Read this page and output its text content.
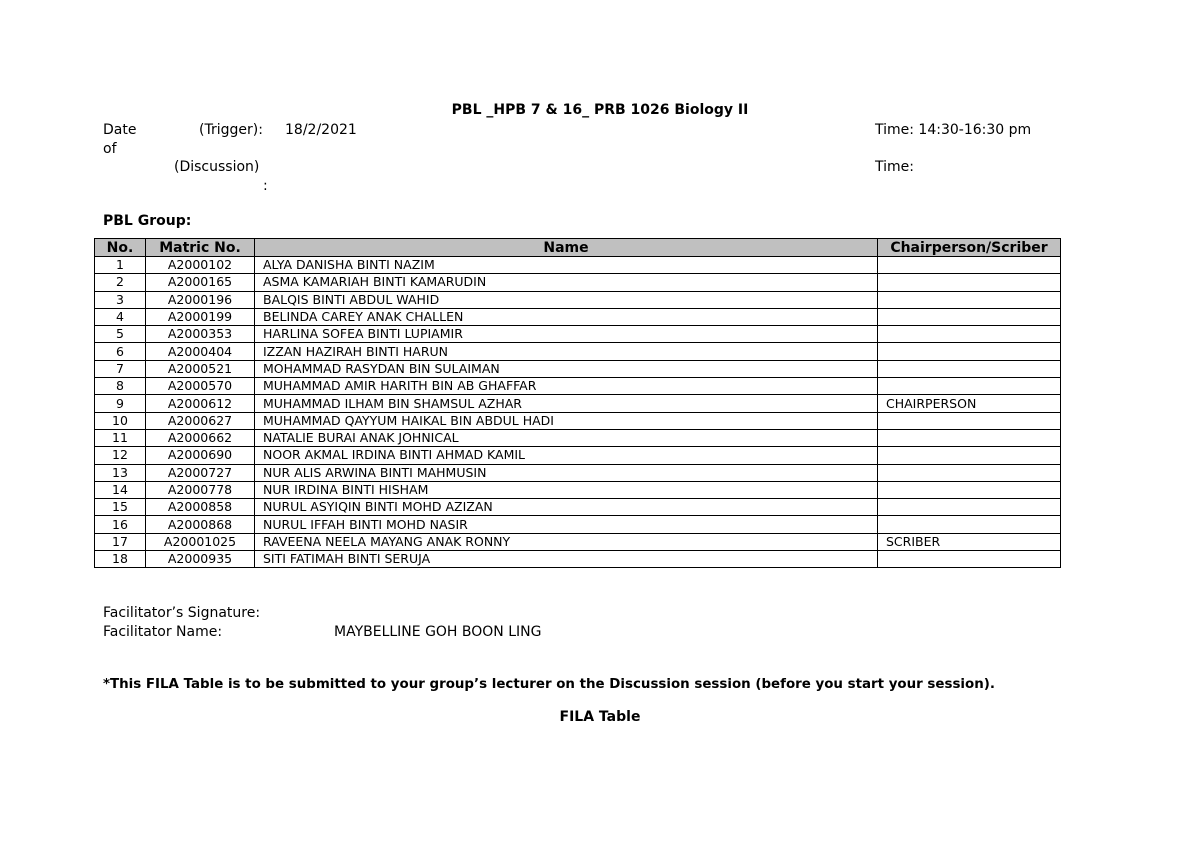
PBL _HPB 7 & 16_ PRB 1026 Biology II
Date
of
(Trigger): 18/2/2021	Time: 14:30-16:30 pm
(Discussion)
:
Time:
PBL Group:
No.	Matric No.	Name	Chairperson/Scriber
1	A2000102	ALYA DANISHA BINTI NAZIM	
2	A2000165	ASMA KAMARIAH BINTI KAMARUDIN	
3	A2000196	BALQIS BINTI ABDUL WAHID	
4	A2000199	BELINDA CAREY ANAK CHALLEN	
5	A2000353	HARLINA SOFEA BINTI LUPIAMIR	
6	A2000404	IZZAN HAZIRAH BINTI HARUN	
7	A2000521	MOHAMMAD RASYDAN BIN SULAIMAN	
8	A2000570	MUHAMMAD AMIR HARITH BIN AB GHAFFAR	
9	A2000612	MUHAMMAD ILHAM BIN SHAMSUL AZHAR	CHAIRPERSON
10	A2000627	MUHAMMAD QAYYUM HAIKAL BIN ABDUL HADI	
11	A2000662	NATALIE BURAI ANAK JOHNICAL	
12	A2000690	NOOR AKMAL IRDINA BINTI AHMAD KAMIL	
13	A2000727	NUR ALIS ARWINA BINTI MAHMUSIN	
14	A2000778	NUR IRDINA BINTI HISHAM	
15	A2000858	NURUL ASYIQIN BINTI MOHD AZIZAN	
16	A2000868	NURUL IFFAH BINTI MOHD NASIR	
17	A20001025	RAVEENA NEELA MAYANG ANAK RONNY	SCRIBER
18	A2000935	SITI FATIMAH BINTI SERUJA	
Facilitator’s Signature:
Facilitator Name:	MAYBELLINE GOH BOON LING
*This FILA Table is to be submitted to your group’s lecturer on the Discussion session (before you start your session).
FILA Table
